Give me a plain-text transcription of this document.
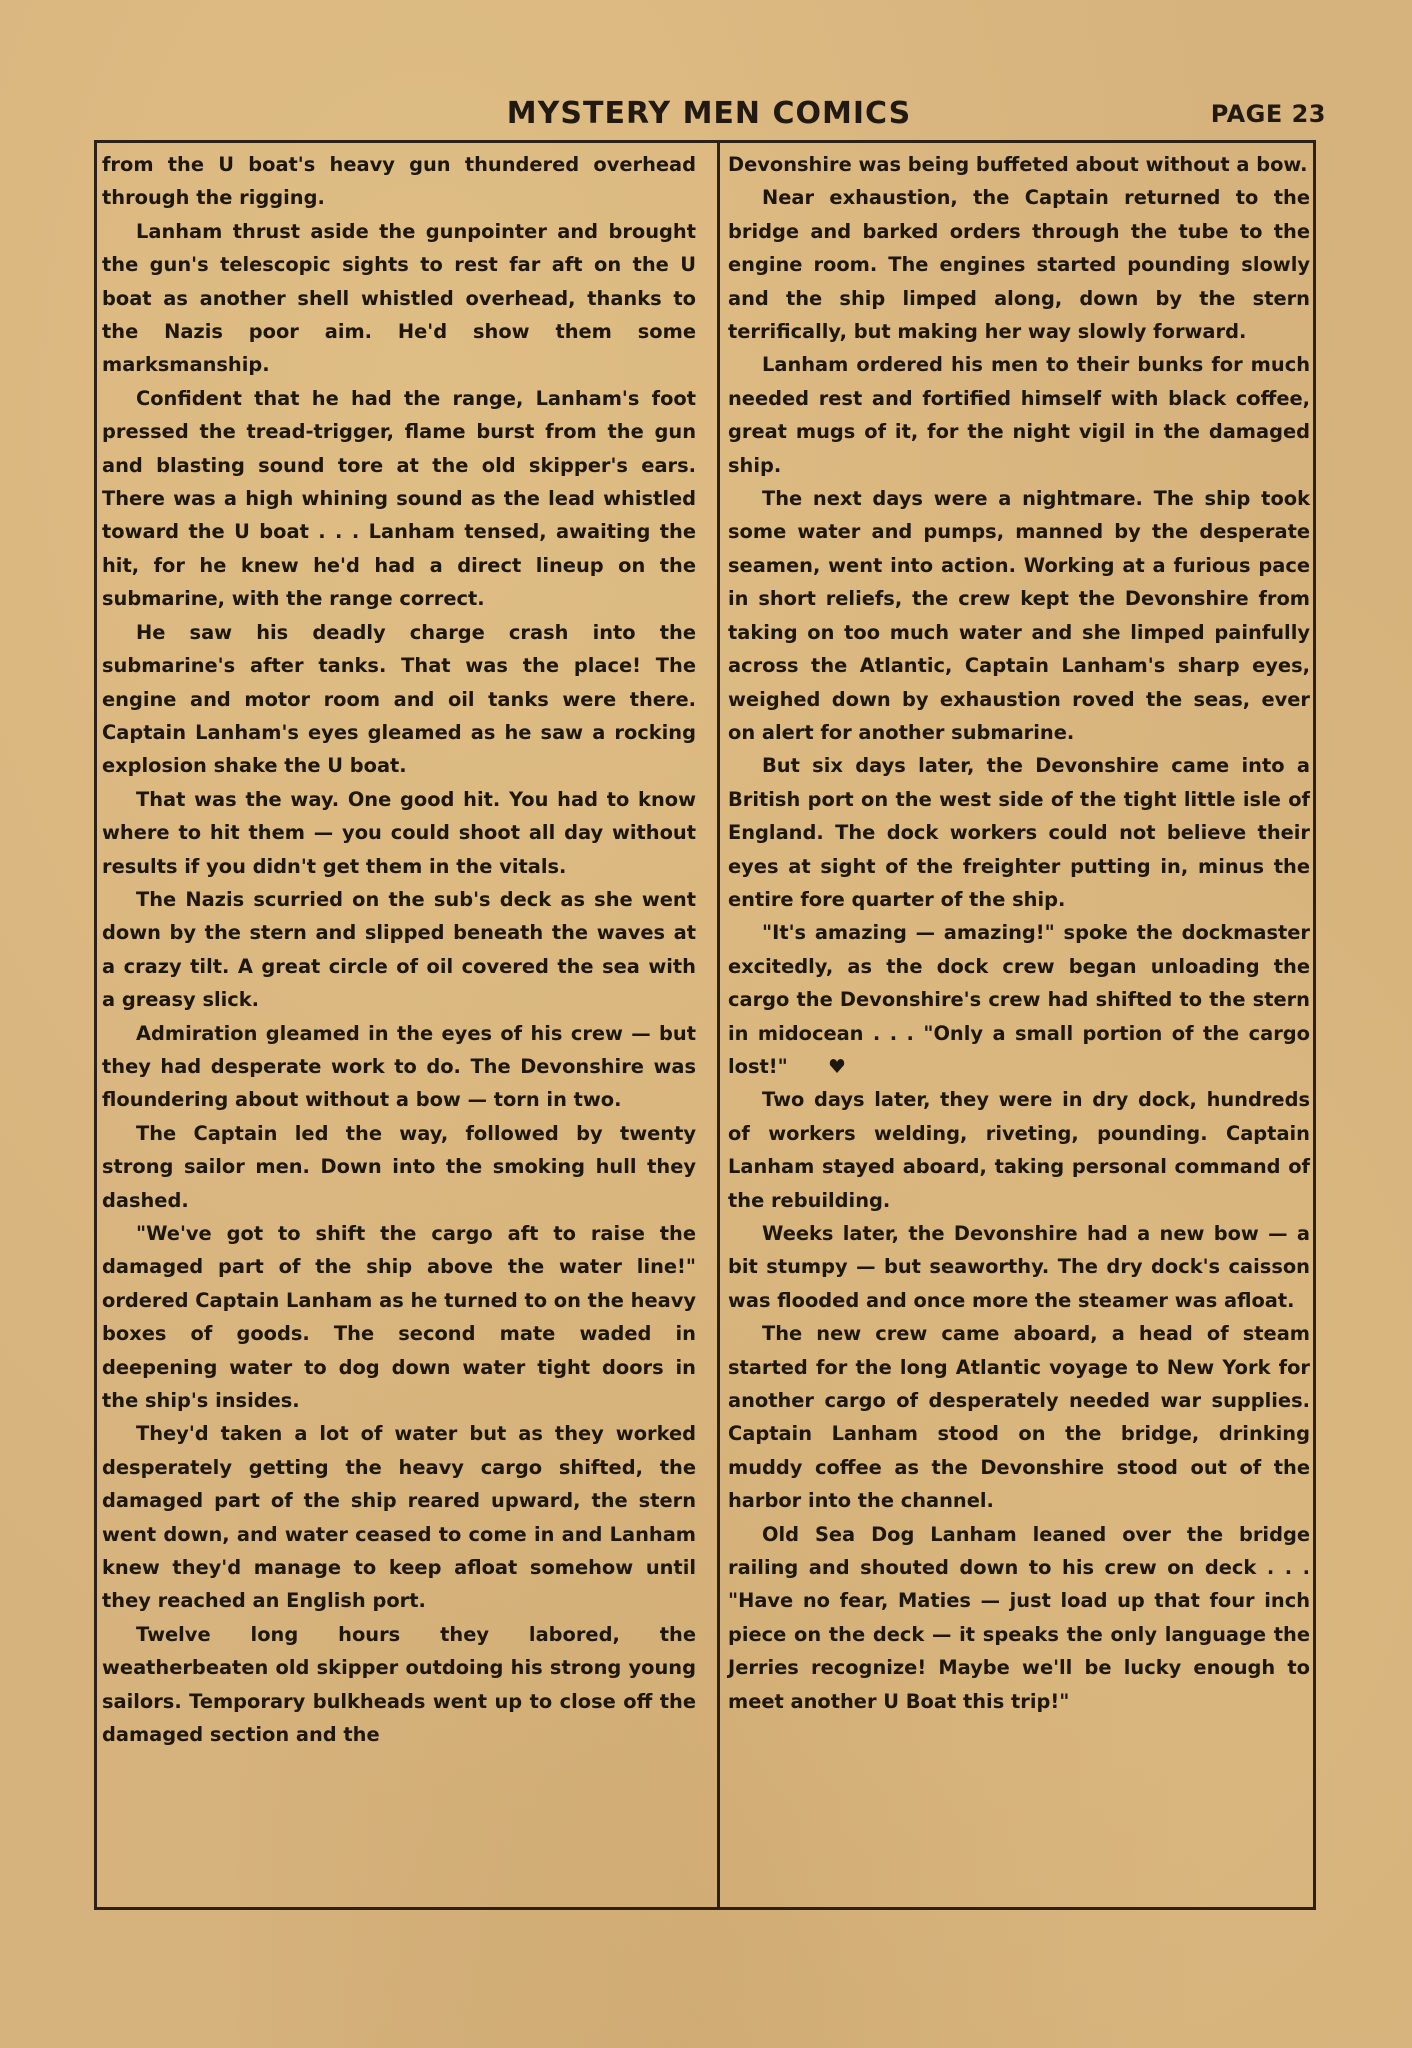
MYSTERY MEN COMICS	PAGE 23

from the U boat's heavy gun thundered overhead through the rigging.

Lanham thrust aside the gunpointer and brought the gun's telescopic sights to rest far aft on the U boat as another shell whistled overhead, thanks to the Nazis poor aim. He'd show them some marksmanship.

Confident that he had the range, Lanham's foot pressed the tread-trigger, flame burst from the gun and blasting sound tore at the old skipper's ears. There was a high whining sound as the lead whistled toward the U boat . . . Lanham tensed, awaiting the hit, for he knew he'd had a direct lineup on the submarine, with the range correct.

He saw his deadly charge crash into the submarine's after tanks. That was the place! The engine and motor room and oil tanks were there. Captain Lanham's eyes gleamed as he saw a rocking explosion shake the U boat.

That was the way. One good hit. You had to know where to hit them — you could shoot all day without results if you didn't get them in the vitals.

The Nazis scurried on the sub's deck as she went down by the stern and slipped beneath the waves at a crazy tilt. A great circle of oil covered the sea with a greasy slick.

Admiration gleamed in the eyes of his crew — but they had desperate work to do. The Devonshire was floundering about without a bow — torn in two.

The Captain led the way, followed by twenty strong sailor men. Down into the smoking hull they dashed.

"We've got to shift the cargo aft to raise the damaged part of the ship above the water line!" ordered Captain Lanham as he turned to on the heavy boxes of goods. The second mate waded in deepening water to dog down water tight doors in the ship's insides.

They'd taken a lot of water but as they worked desperately getting the heavy cargo shifted, the damaged part of the ship reared upward, the stern went down, and water ceased to come in and Lanham knew they'd manage to keep afloat somehow until they reached an English port.

Twelve long hours they labored, the weatherbeaten old skipper outdoing his strong young sailors. Temporary bulkheads went up to close off the damaged section and the

Devonshire was being buffeted about without a bow.

Near exhaustion, the Captain returned to the bridge and barked orders through the tube to the engine room. The engines started pounding slowly and the ship limped along, down by the stern terrifically, but making her way slowly forward.

Lanham ordered his men to their bunks for much needed rest and fortified himself with black coffee, great mugs of it, for the night vigil in the damaged ship.

The next days were a nightmare. The ship took some water and pumps, manned by the desperate seamen, went into action. Working at a furious pace in short reliefs, the crew kept the Devonshire from taking on too much water and she limped painfully across the Atlantic, Captain Lanham's sharp eyes, weighed down by exhaustion roved the seas, ever on alert for another submarine.

But six days later, the Devonshire came into a British port on the west side of the tight little isle of England. The dock workers could not believe their eyes at sight of the freighter putting in, minus the entire fore quarter of the ship.

"It's amazing — amazing!" spoke the dockmaster excitedly, as the dock crew began unloading the cargo the Devonshire's crew had shifted to the stern in midocean . . . "Only a small portion of the cargo lost!"

Two days later, they were in dry dock, hundreds of workers welding, riveting, pounding. Captain Lanham stayed aboard, taking personal command of the rebuilding.

Weeks later, the Devonshire had a new bow — a bit stumpy — but seaworthy. The dry dock's caisson was flooded and once more the steamer was afloat.

The new crew came aboard, a head of steam started for the long Atlantic voyage to New York for another cargo of desperately needed war supplies. Captain Lanham stood on the bridge, drinking muddy coffee as the Devonshire stood out of the harbor into the channel.

Old Sea Dog Lanham leaned over the bridge railing and shouted down to his crew on deck . . . "Have no fear, Maties — just load up that four inch piece on the deck — it speaks the only language the Jerries recognize! Maybe we'll be lucky enough to meet another U Boat this trip!"
